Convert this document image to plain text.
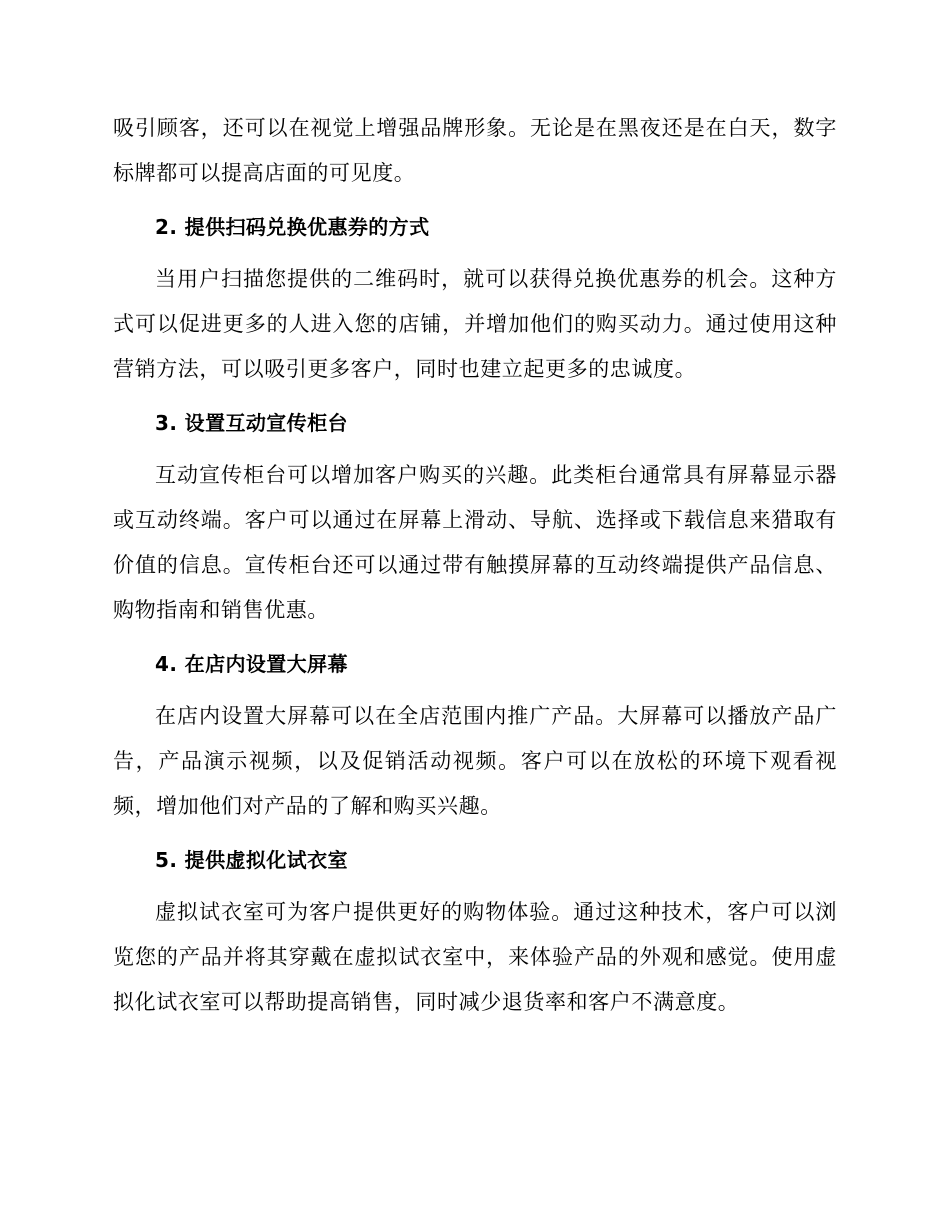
吸引顾客，还可以在视觉上增强品牌形象。无论是在黑夜还是在白天，数字标牌都可以提高店面的可见度。

2. 提供扫码兑换优惠券的方式

当用户扫描您提供的二维码时，就可以获得兑换优惠券的机会。这种方式可以促进更多的人进入您的店铺，并增加他们的购买动力。通过使用这种营销方法，可以吸引更多客户，同时也建立起更多的忠诚度。

3. 设置互动宣传柜台

互动宣传柜台可以增加客户购买的兴趣。此类柜台通常具有屏幕显示器或互动终端。客户可以通过在屏幕上滑动、导航、选择或下载信息来猎取有价值的信息。宣传柜台还可以通过带有触摸屏幕的互动终端提供产品信息、购物指南和销售优惠。

4. 在店内设置大屏幕

在店内设置大屏幕可以在全店范围内推广产品。大屏幕可以播放产品广告，产品演示视频，以及促销活动视频。客户可以在放松的环境下观看视频，增加他们对产品的了解和购买兴趣。

5. 提供虚拟化试衣室

虚拟试衣室可为客户提供更好的购物体验。通过这种技术，客户可以浏览您的产品并将其穿戴在虚拟试衣室中，来体验产品的外观和感觉。使用虚拟化试衣室可以帮助提高销售，同时减少退货率和客户不满意度。
